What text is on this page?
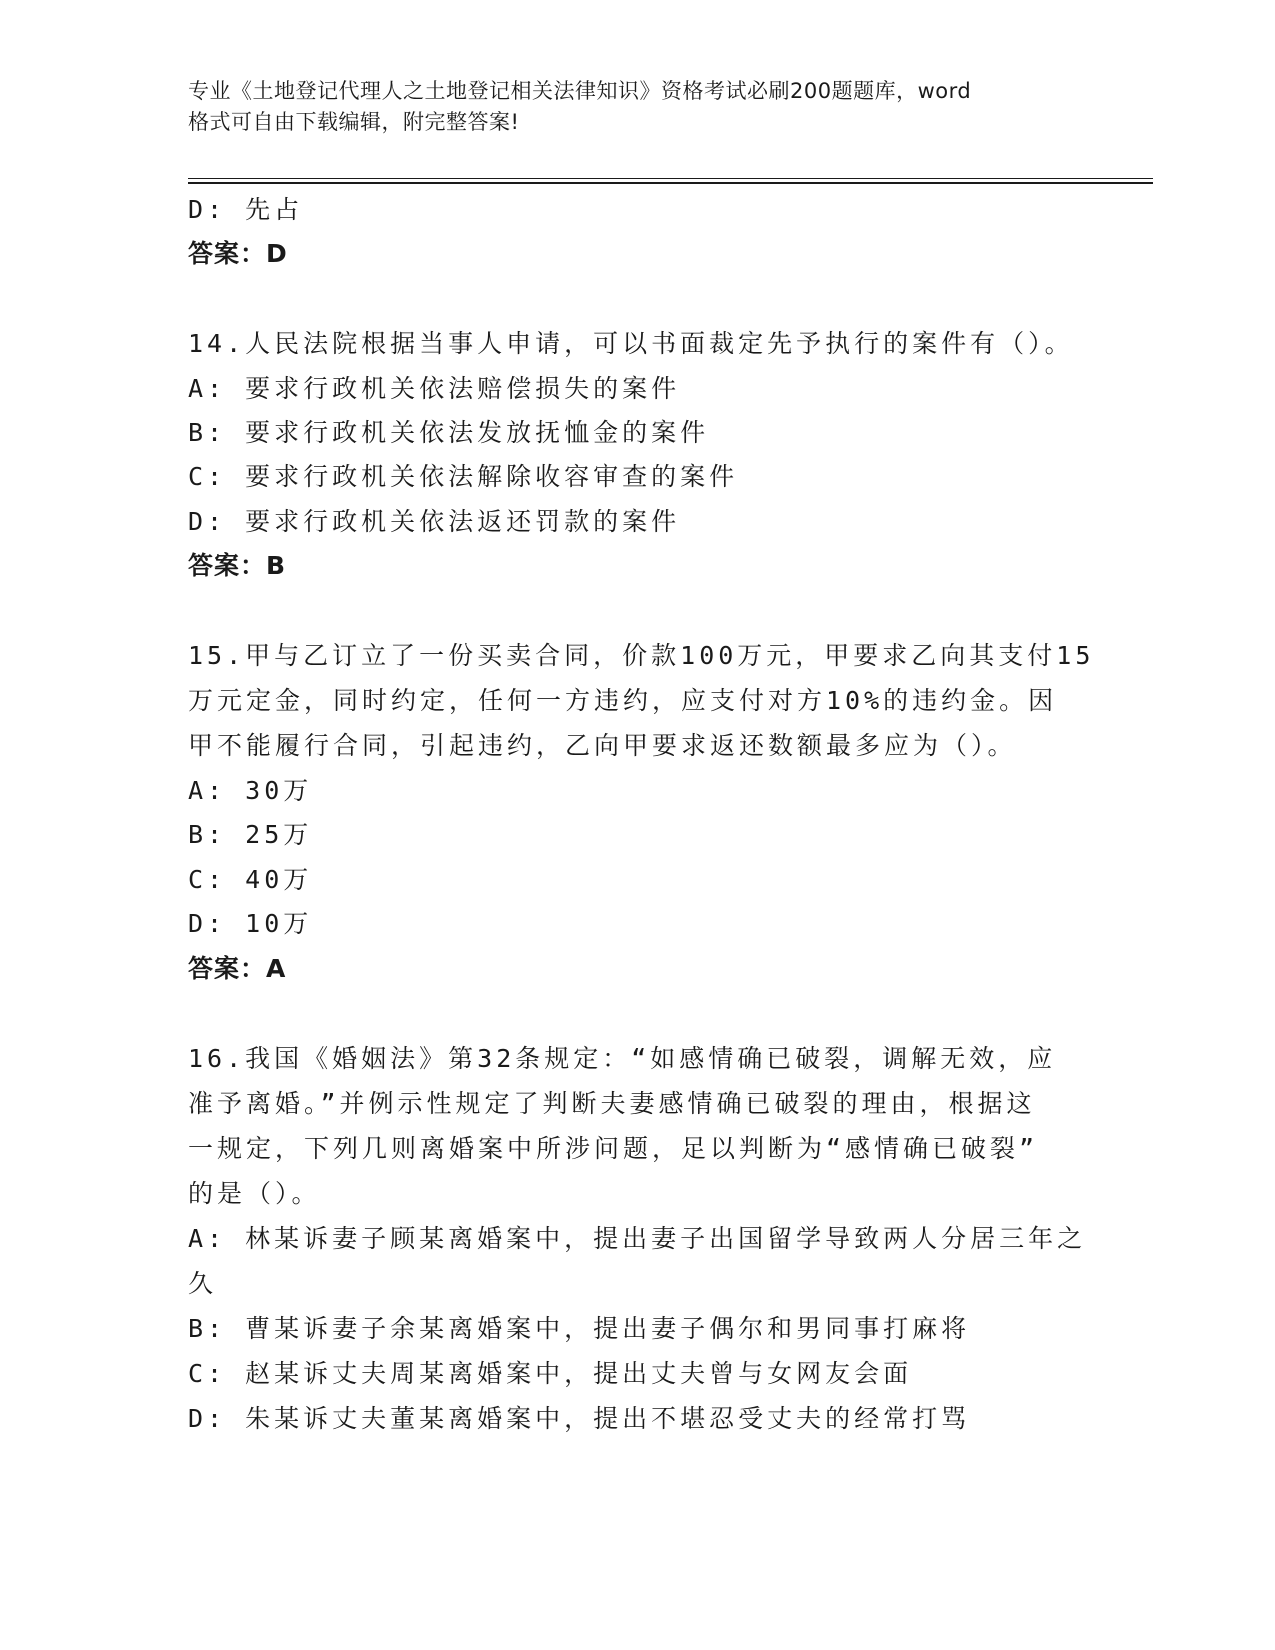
专业《土地登记代理人之土地登记相关法律知识》资格考试必刷200题题库，word
格式可自由下载编辑，附完整答案!
D: 先占
答案：D
14.人民法院根据当事人申请，可以书面裁定先予执行的案件有（）。
A: 要求行政机关依法赔偿损失的案件
B: 要求行政机关依法发放抚恤金的案件
C: 要求行政机关依法解除收容审查的案件
D: 要求行政机关依法返还罚款的案件
答案：B
15.甲与乙订立了一份买卖合同，价款100万元，甲要求乙向其支付15
万元定金，同时约定，任何一方违约，应支付对方10%的违约金。因
甲不能履行合同，引起违约，乙向甲要求返还数额最多应为（）。
A: 30万
B: 25万
C: 40万
D: 10万
答案：A
16.我国《婚姻法》第32条规定：“如感情确已破裂，调解无效，应
准予离婚。”并例示性规定了判断夫妻感情确已破裂的理由，根据这
一规定，下列几则离婚案中所涉问题，足以判断为“感情确已破裂”
的是（）。
A: 林某诉妻子顾某离婚案中，提出妻子出国留学导致两人分居三年之
久
B: 曹某诉妻子余某离婚案中，提出妻子偶尔和男同事打麻将
C: 赵某诉丈夫周某离婚案中，提出丈夫曾与女网友会面
D: 朱某诉丈夫董某离婚案中，提出不堪忍受丈夫的经常打骂
